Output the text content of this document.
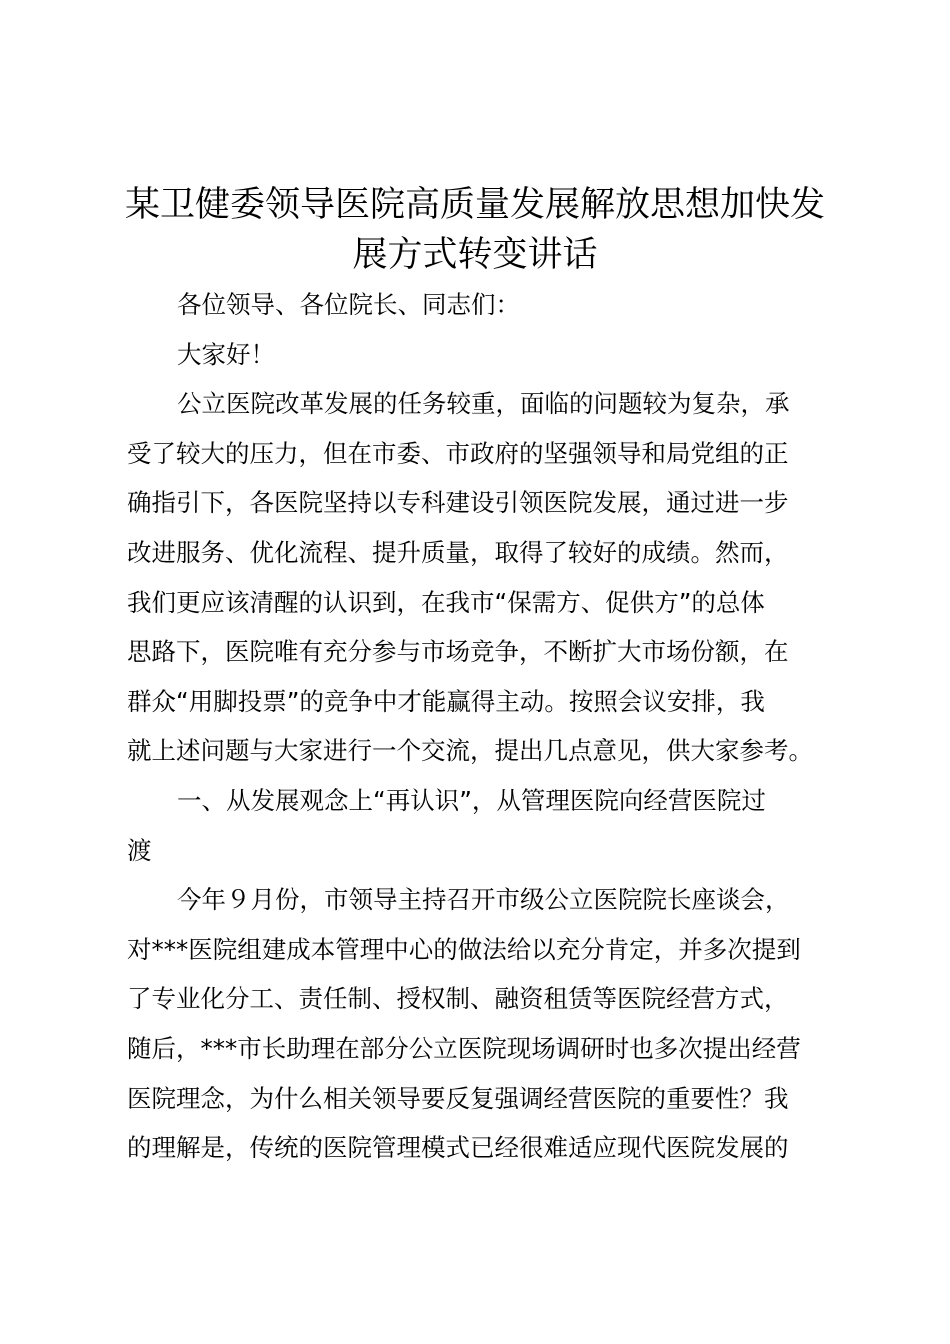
某卫健委领导医院高质量发展解放思想加快发
展方式转变讲话
各位领导、各位院长、同志们：
大家好！
公立医院改革发展的任务较重，面临的问题较为复杂，承
受了较大的压力，但在市委、市政府的坚强领导和局党组的正
确指引下，各医院坚持以专科建设引领医院发展，通过进一步
改进服务、优化流程、提升质量，取得了较好的成绩。然而，
我们更应该清醒的认识到，在我市“保需方、促供方”的总体
思路下，医院唯有充分参与市场竞争，不断扩大市场份额，在
群众“用脚投票”的竞争中才能赢得主动。按照会议安排，我
就上述问题与大家进行一个交流，提出几点意见，供大家参考。
一、从发展观念上“再认识”，从管理医院向经营医院过
渡
今年９月份，市领导主持召开市级公立医院院长座谈会，
对***医院组建成本管理中心的做法给以充分肯定，并多次提到
了专业化分工、责任制、授权制、融资租赁等医院经营方式，
随后，***市长助理在部分公立医院现场调研时也多次提出经营
医院理念，为什么相关领导要反复强调经营医院的重要性？我
的理解是，传统的医院管理模式已经很难适应现代医院发展的
